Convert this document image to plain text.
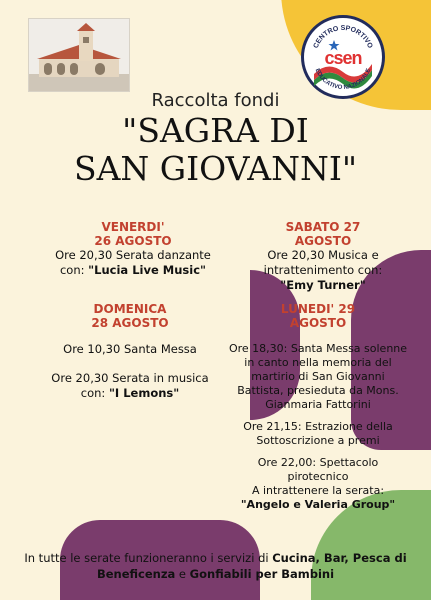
CENTRO SPORTIVO
EDUCATIVO NAZIONALE
csen
Raccolta fondi
"SAGRA DI
SAN GIOVANNI"
VENERDI'
26 AGOSTO

Ore 20,30 Serata danzante

con: "Lucia Live Music"

SABATO 27
AGOSTO

Ore 20,30 Musica e

intrattenimento con:

"Emy Turner"

DOMENICA
28 AGOSTO

Ore 10,30 Santa Messa

Ore 20,30 Serata in musica

con: "I Lemons"

LUNEDI' 29
AGOSTO

Ore 18,30: Santa Messa solenne in canto nella memoria del martirio di San Giovanni Battista, presieduta da Mons. Gianmaria Fattorini

Ore 21,15: Estrazione della Sottoscrizione a premi

Ore 22,00: Spettacolo pirotecnico

A intrattenere la serata:

"Angelo e Valeria Group"

In tutte le serate funzioneranno i servizi di Cucina, Bar, Pesca di Beneficenza e Gonfiabili per Bambini
